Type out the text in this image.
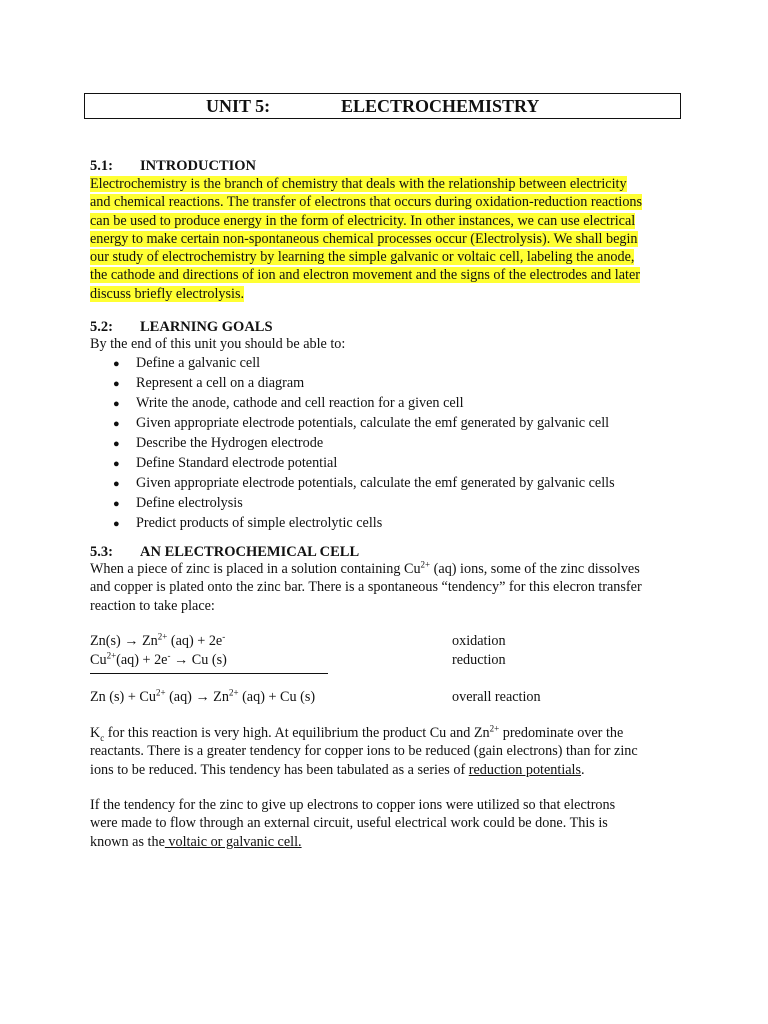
UNIT 5:	ELECTROCHEMISTRY
5.1: INTRODUCTION
Electrochemistry is the branch of chemistry that deals with the relationship between electricity
and chemical reactions. The transfer of electrons that occurs during oxidation-reduction reactions
can be used to produce energy in the form of electricity. In other instances, we can use electrical
energy to make certain non-spontaneous chemical processes occur (Electrolysis). We shall begin
our study of electrochemistry by learning the simple galvanic or voltaic cell, labeling the anode,
the cathode and directions of ion and electron movement and the signs of the electrodes and later
discuss briefly electrolysis.
5.2: LEARNING GOALS
By the end of this unit you should be able to:
● Define a galvanic cell
● Represent a cell on a diagram
● Write the anode, cathode and cell reaction for a given cell
● Given appropriate electrode potentials, calculate the emf generated by galvanic cell
● Describe the Hydrogen electrode
● Define Standard electrode potential
● Given appropriate electrode potentials, calculate the emf generated by galvanic cells
● Define electrolysis
● Predict products of simple electrolytic cells
5.3: AN ELECTROCHEMICAL CELL
When a piece of zinc is placed in a solution containing $Cu^{2+}$ (aq) ions, some of the zinc dissolves
and copper is plated onto the zinc bar. There is a spontaneous “tendency” for this elecron transfer
reaction to take place:
$Zn(s) \to Zn^{2+}$ (aq) + 2e-	oxidation
$Cu^{2+}(aq) + 2e^- \to Cu$ (s)	reduction
Zn $(s) + Cu^{2+}$ $(aq) \to Zn^{2+}$ (aq) + Cu (s)	overall reaction
$K_c$ for this reaction is very high. At equilibrium the product Cu and $Zn^{2+}$ predominate over the
reactants. There is a greater tendency for copper ions to be reduced (gain electrons) than for zinc
ions to be reduced. This tendency has been tabulated as a series of reduction potentials.
If the tendency for the zinc to give up electrons to copper ions were utilized so that electrons
were made to flow through an external circuit, useful electrical work could be done. This is
known as the voltaic or galvanic cell.
